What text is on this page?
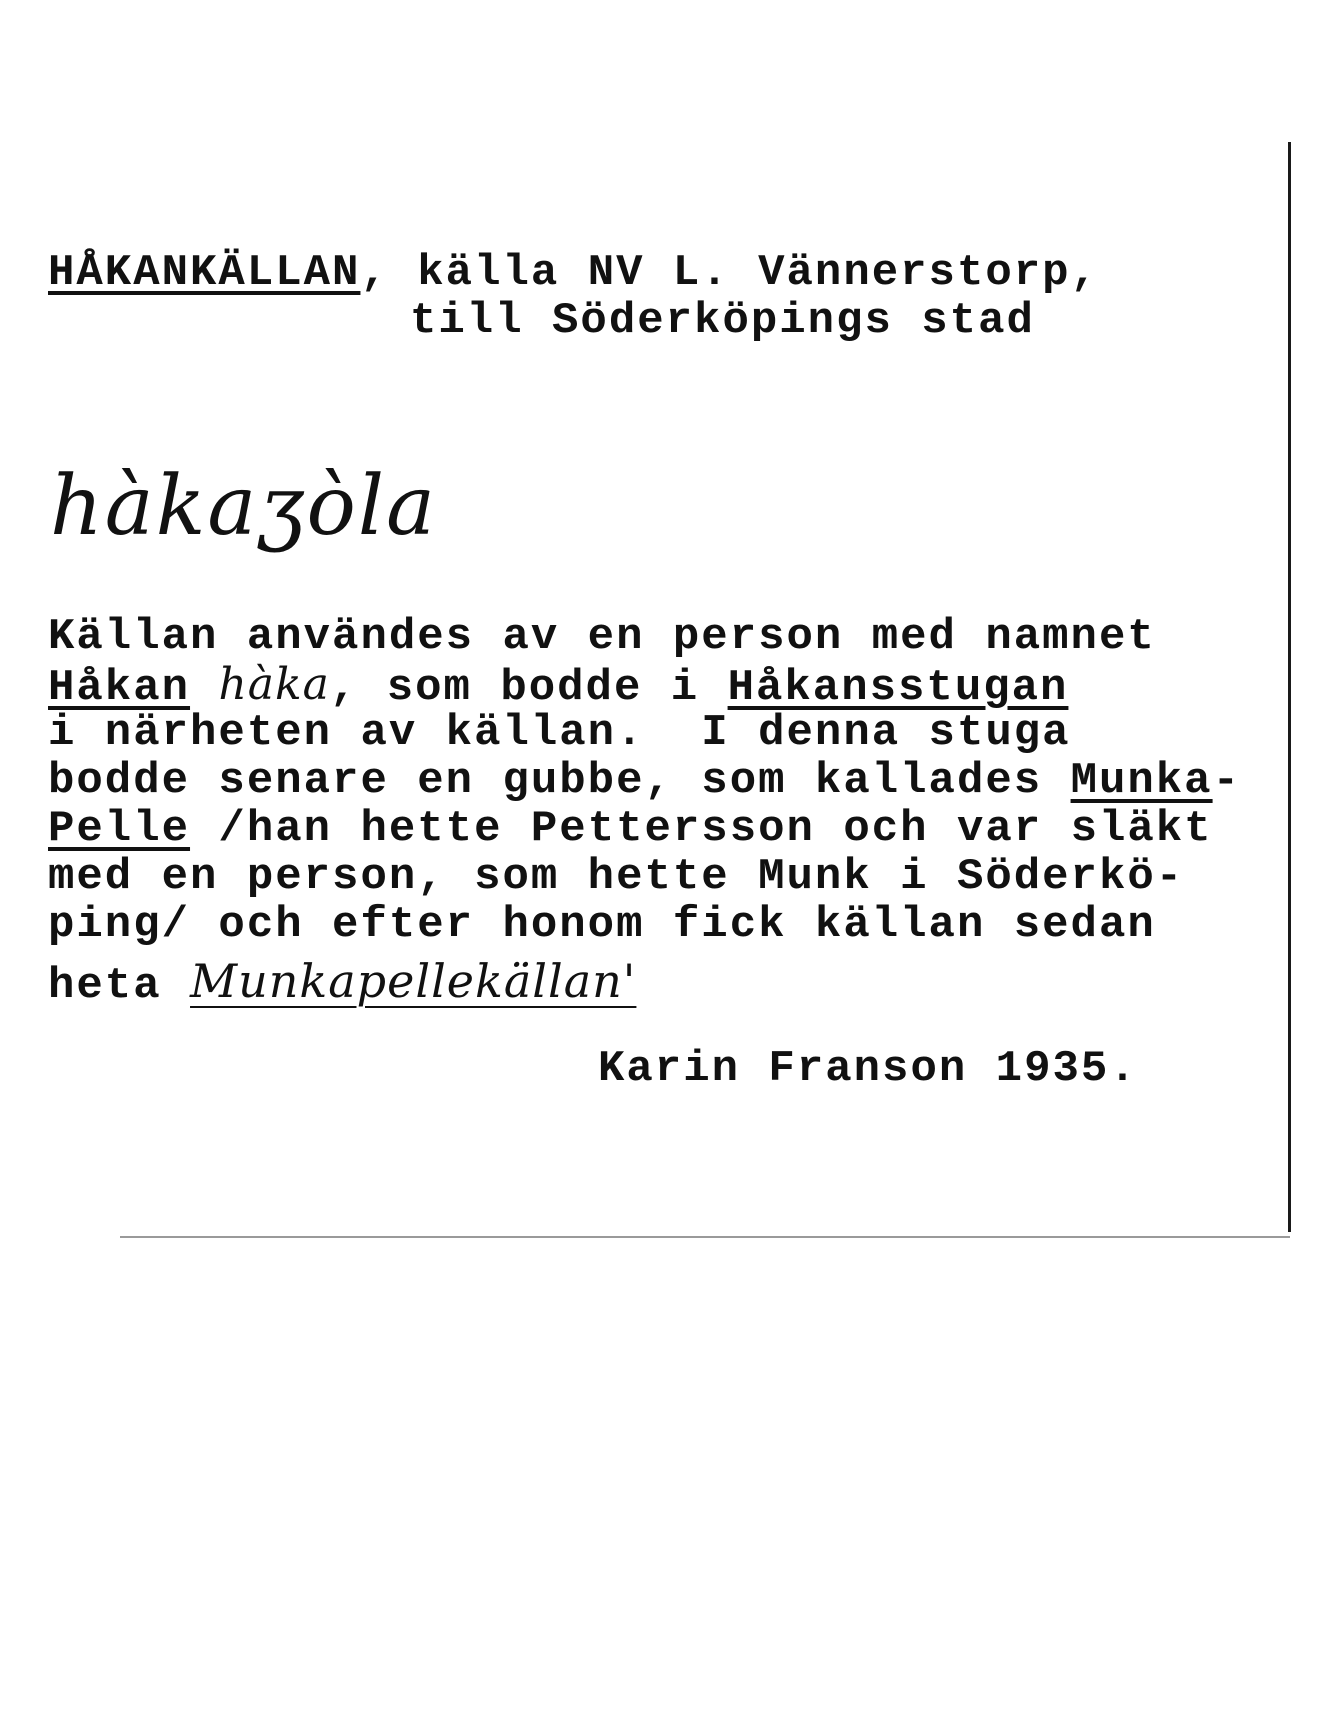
HÅKANKÄLLAN, källa NV L. Vännerstorp,
till Söderköpings stad
hàkaʒòla
Källan användes av en person med namnet
Håkan hàka, som bodde i Håkansstugan
i närheten av källan.  I denna stuga
bodde senare en gubbe, som kallades Munka-
Pelle /han hette Pettersson och var släkt
med en person, som hette Munk i Söderkö-
ping/ och efter honom fick källan sedan
heta Munkapellekällan'
Karin Franson 1935.
